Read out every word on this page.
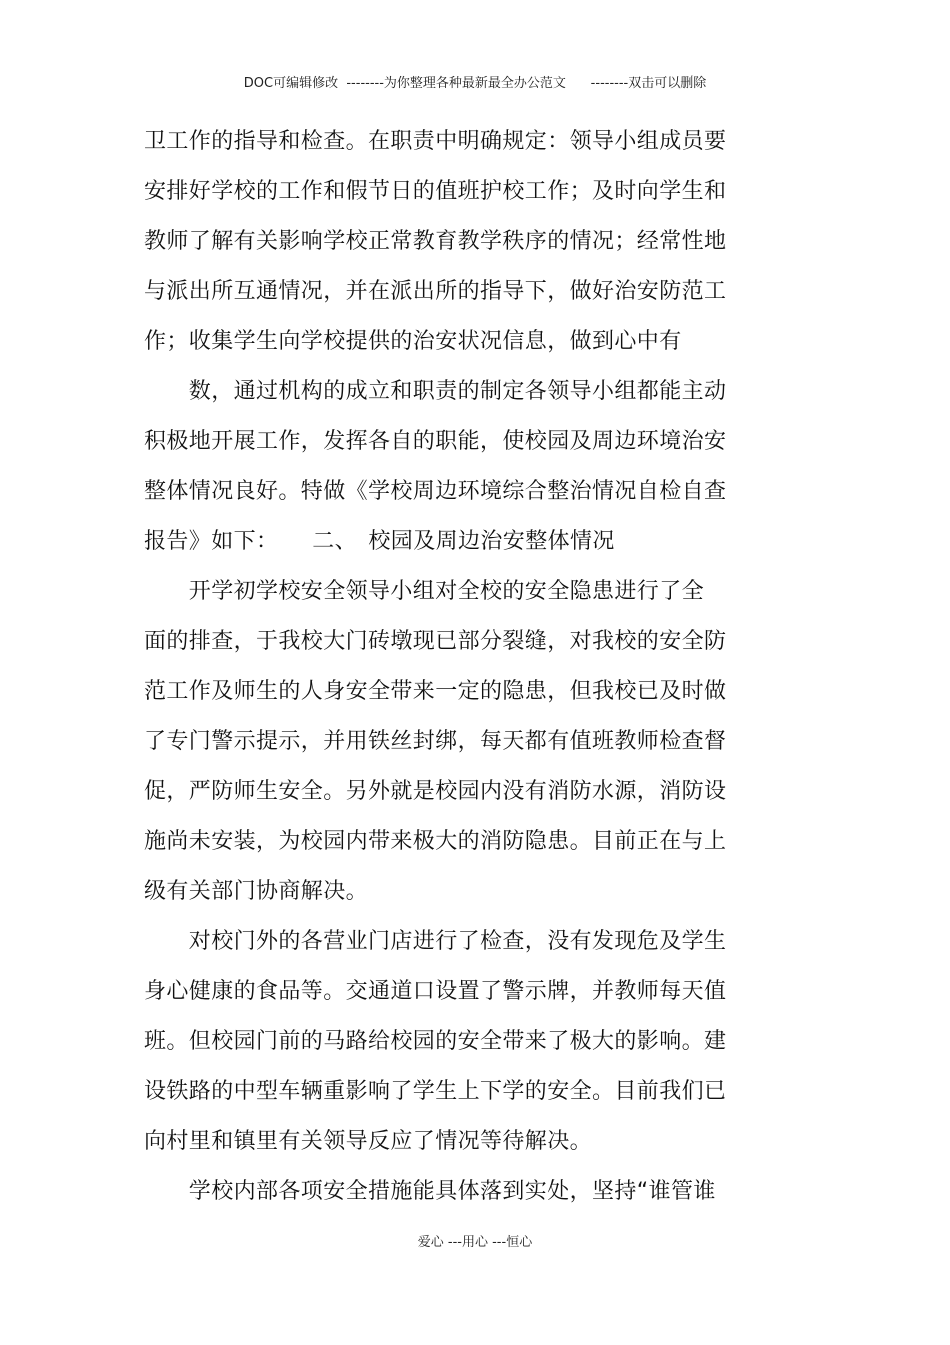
DOC可编辑修改  --------为你整理各种最新最全办公范文      --------双击可以删除
卫工作的指导和检查。在职责中明确规定：领导小组成员要
安排好学校的工作和假节日的值班护校工作；及时向学生和
教师了解有关影响学校正常教育教学秩序的情况；经常性地
与派出所互通情况，并在派出所的指导下，做好治安防范工
作；收集学生向学校提供的治安状况信息，做到心中有
　　数，通过机构的成立和职责的制定各领导小组都能主动
积极地开展工作，发挥各自的职能，使校园及周边环境治安
整体情况良好。特做《学校周边环境综合整治情况自检自查
报告》如下：　　二、　校园及周边治安整体情况
　　开学初学校安全领导小组对全校的安全隐患进行了全
面的排查，于我校大门砖墩现已部分裂缝，对我校的安全防
范工作及师生的人身安全带来一定的隐患，但我校已及时做
了专门警示提示，并用铁丝封绑，每天都有值班教师检查督
促，严防师生安全。另外就是校园内没有消防水源，消防设
施尚未安装，为校园内带来极大的消防隐患。目前正在与上
级有关部门协商解决。
　　对校门外的各营业门店进行了检查，没有发现危及学生
身心健康的食品等。交通道口设置了警示牌，并教师每天值
班。但校园门前的马路给校园的安全带来了极大的影响。建
设铁路的中型车辆重影响了学生上下学的安全。目前我们已
向村里和镇里有关领导反应了情况等待解决。
　　学校内部各项安全措施能具体落到实处，坚持“谁管谁
爱心 ---用心 ---恒心
